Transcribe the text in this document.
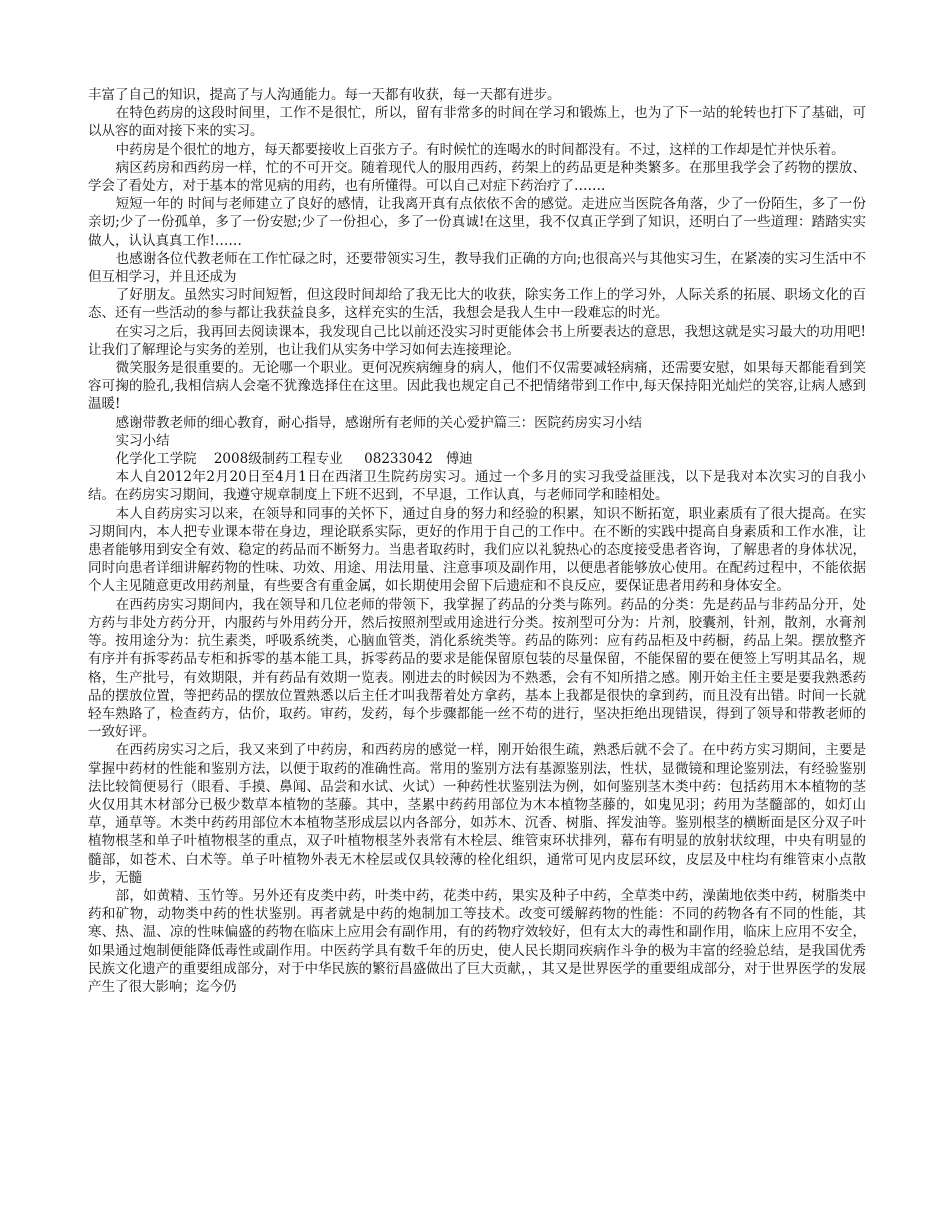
丰富了自己的知识，提高了与人沟通能力。每一天都有收获，每一天都有进步。

在特色药房的这段时间里，工作不是很忙，所以，留有非常多的时间在学习和锻炼上，也为了下一站的轮转也打下了基础，可以从容的面对接下来的实习。

中药房是个很忙的地方，每天都要接收上百张方子。有时候忙的连喝水的时间都没有。不过，这样的工作却是忙并快乐着。

病区药房和西药房一样，忙的不可开交。随着现代人的服用西药，药架上的药品更是种类繁多。在那里我学会了药物的摆放、学会了看处方，对于基本的常见病的用药，也有所懂得。可以自己对症下药治疗了…….

短短一年的 时间与老师建立了良好的感情，让我离开真有点依依不舍的感觉。走进应当医院各角落，少了一份陌生，多了一份亲切;少了一份孤单，多了一份安慰;少了一份担心，多了一份真诚!在这里，我不仅真正学到了知识，还明白了一些道理：踏踏实实做人，认认真真工作!……

也感谢各位代教老师在工作忙碌之时，还要带领实习生，教导我们正确的方向;也很高兴与其他实习生，在紧凑的实习生活中不但互相学习，并且还成为

了好朋友。虽然实习时间短暂，但这段时间却给了我无比大的收获，除实务工作上的学习外，人际关系的拓展、职场文化的百态、还有一些活动的参与都让我获益良多，这样充实的生活，我想会是我人生中一段难忘的时光。

在实习之后，我再回去阅读课本，我发现自己比以前还没实习时更能体会书上所要表达的意思，我想这就是实习最大的功用吧!让我们了解理论与实务的差别，也让我们从实务中学习如何去连接理论。

微笑服务是很重要的。无论哪一个职业。更何况疾病缠身的病人，他们不仅需要减轻病痛，还需要安慰，如果每天都能看到笑容可掬的脸孔,我相信病人会毫不犹豫选择住在这里。因此我也规定自己不把情绪带到工作中,每天保持阳光灿烂的笑容,让病人感到温暖!

感谢带教老师的细心教育，耐心指导，感谢所有老师的关心爱护篇三：医院药房实习小结

实习小结

化学化工学院    2008级制药工程专业     08233042   傅迪

本人自2012年2月20日至4月1日在西渚卫生院药房实习。通过一个多月的实习我受益匪浅，以下是我对本次实习的自我小结。在药房实习期间，我遵守规章制度上下班不迟到，不早退，工作认真，与老师同学和睦相处。

本人自药房实习以来，在领导和同事的关怀下，通过自身的努力和经验的积累，知识不断拓宽，职业素质有了很大提高。在实习期间内，本人把专业课本带在身边，理论联系实际，更好的作用于自己的工作中。在不断的实践中提高自身素质和工作水准，让患者能够用到安全有效、稳定的药品而不断努力。当患者取药时，我们应以礼貌热心的态度接受患者咨询，了解患者的身体状况，同时向患者详细讲解药物的性味、功效、用途、用法用量、注意事项及副作用，以便患者能够放心使用。在配药过程中，不能依据个人主见随意更改用药剂量，有些要含有重金属，如长期使用会留下后遗症和不良反应，要保证患者用药和身体安全。

在西药房实习期间内，我在领导和几位老师的带领下，我掌握了药品的分类与陈列。药品的分类：先是药品与非药品分开，处方药与非处方药分开，内服药与外用药分开，然后按照剂型或用途进行分类。按剂型可分为：片剂，胶囊剂，针剂，散剂，水膏剂等。按用途分为：抗生素类，呼吸系统类，心脑血管类，消化系统类等。药品的陈列：应有药品柜及中药橱，药品上架。摆放整齐有序并有拆零药品专柜和拆零的基本能工具，拆零药品的要求是能保留原包装的尽量保留，不能保留的要在便签上写明其品名，规格，生产批号，有效期限，并有药品有效期一览表。刚进去的时候因为不熟悉，会有不知所措之感。刚开始主任主要是要我熟悉药品的摆放位置，等把药品的摆放位置熟悉以后主任才叫我帮着处方拿药，基本上我都是很快的拿到药，而且没有出错。时间一长就轻车熟路了，检查药方，估价，取药。审药，发药，每个步骤都能一丝不苟的进行，坚决拒绝出现错误，得到了领导和带教老师的一致好评。

在西药房实习之后，我又来到了中药房，和西药房的感觉一样，刚开始很生疏，熟悉后就不会了。在中药方实习期间，主要是掌握中药材的性能和鉴别方法，以便于取药的准确性高。常用的鉴别方法有基源鉴别法，性状，显微镜和理论鉴别法，有经验鉴别法比较简便易行（眼看、手摸、鼻闻、品尝和水试、火试）一种药性状鉴别法为例，如何鉴别茎木类中药：包括药用木本植物的茎火仅用其木材部分已极少数草本植物的茎藤。其中，茎累中药药用部位为木本植物茎藤的，如鬼见羽；药用为茎髓部的，如灯山草，通草等。木类中药药用部位木本植物茎形成层以内各部分，如苏木、沉香、树脂、挥发油等。鉴别根茎的横断面是区分双子叶植物根茎和单子叶植物根茎的重点，双子叶植物根茎外表常有木栓层、维管束环状排列，幕布有明显的放射状纹理，中央有明显的髓部，如苍术、白术等。单子叶植物外表无木栓层或仅具较薄的栓化组织，通常可见内皮层环纹，皮层及中柱均有维管束小点散步，无髓

部，如黄精、玉竹等。另外还有皮类中药，叶类中药，花类中药，果实及种子中药，全草类中药，澡菌地依类中药，树脂类中药和矿物，动物类中药的性状鉴别。再者就是中药的炮制加工等技术。改变可缓解药物的性能：不同的药物各有不同的性能，其寒、热、温、凉的性味偏盛的药物在临床上应用会有副作用，有的药物疗效较好，但有太大的毒性和副作用，临床上应用不安全，如果通过炮制便能降低毒性或副作用。中医药学具有数千年的历史，使人民长期同疾病作斗争的极为丰富的经验总结，是我国优秀民族文化遗产的重要组成部分，对于中华民族的繁衍昌盛做出了巨大贡献，，其又是世界医学的重要组成部分，对于世界医学的发展产生了很大影响；迄今仍
